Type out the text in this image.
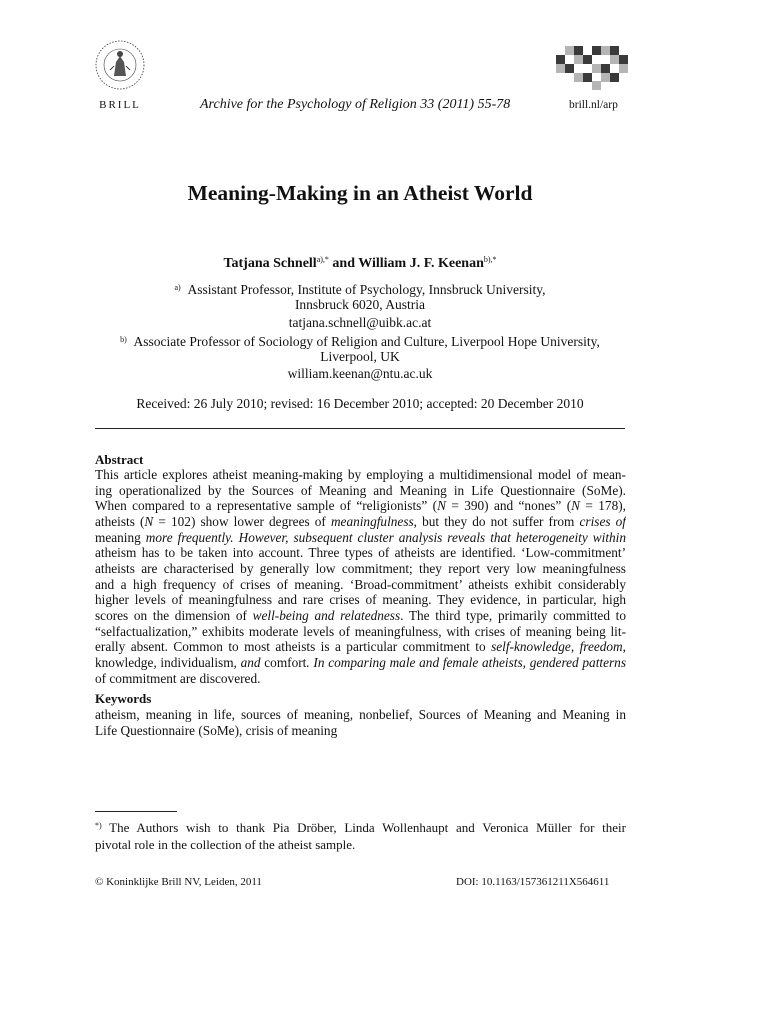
BRILL	Archive for the Psychology of Religion 33 (2011) 55-78	brill.nl/arp
Meaning-Making in an Atheist World
Tatjana Schnell$^{a),*}$ and William J. F. Keenan$^{b),*}$
$^{a)}$ Assistant Professor, Institute of Psychology, Innsbruck University,
Innsbruck 6020, Austria
tatjana.schnell@uibk.ac.at
$^{b)}$ Associate Professor of Sociology of Religion and Culture, Liverpool Hope University,
Liverpool, UK
william.keenan@ntu.ac.uk
Received: 26 July 2010; revised: 16 December 2010; accepted: 20 December 2010
Abstract
This article explores atheist meaning-making by employing a multidimensional model of mean-
ing operationalized by the Sources of Meaning and Meaning in Life Questionnaire (SoMe).
When compared to a representative sample of “religionists” (N = 390) and “nones” (N = 178),
atheists (N = 102) show lower degrees of meaningfulness, but they do not suffer from crises of
meaning more frequently. However, subsequent cluster analysis reveals that heterogeneity within
atheism has to be taken into account. Three types of atheists are identified. ‘Low-commitment’
atheists are characterised by generally low commitment; they report very low meaningfulness
and a high frequency of crises of meaning. ‘Broad-commitment’ atheists exhibit considerably
higher levels of meaningfulness and rare crises of meaning. They evidence, in particular, high
scores on the dimension of well-being and relatedness. The third type, primarily committed to
“selfactualization,” exhibits moderate levels of meaningfulness, with crises of meaning being lit-
erally absent. Common to most atheists is a particular commitment to self-knowledge, freedom,
knowledge, individualism, and comfort. In comparing male and female atheists, gendered patterns
of commitment are discovered.
Keywords
atheism, meaning in life, sources of meaning, nonbelief, Sources of Meaning and Meaning in
Life Questionnaire (SoMe), crisis of meaning
*) The Authors wish to thank Pia Dröber, Linda Wollenhaupt and Veronica Müller for their
pivotal role in the collection of the atheist sample.
© Koninklijke Brill NV, Leiden, 2011	DOI: 10.1163/157361211X564611
